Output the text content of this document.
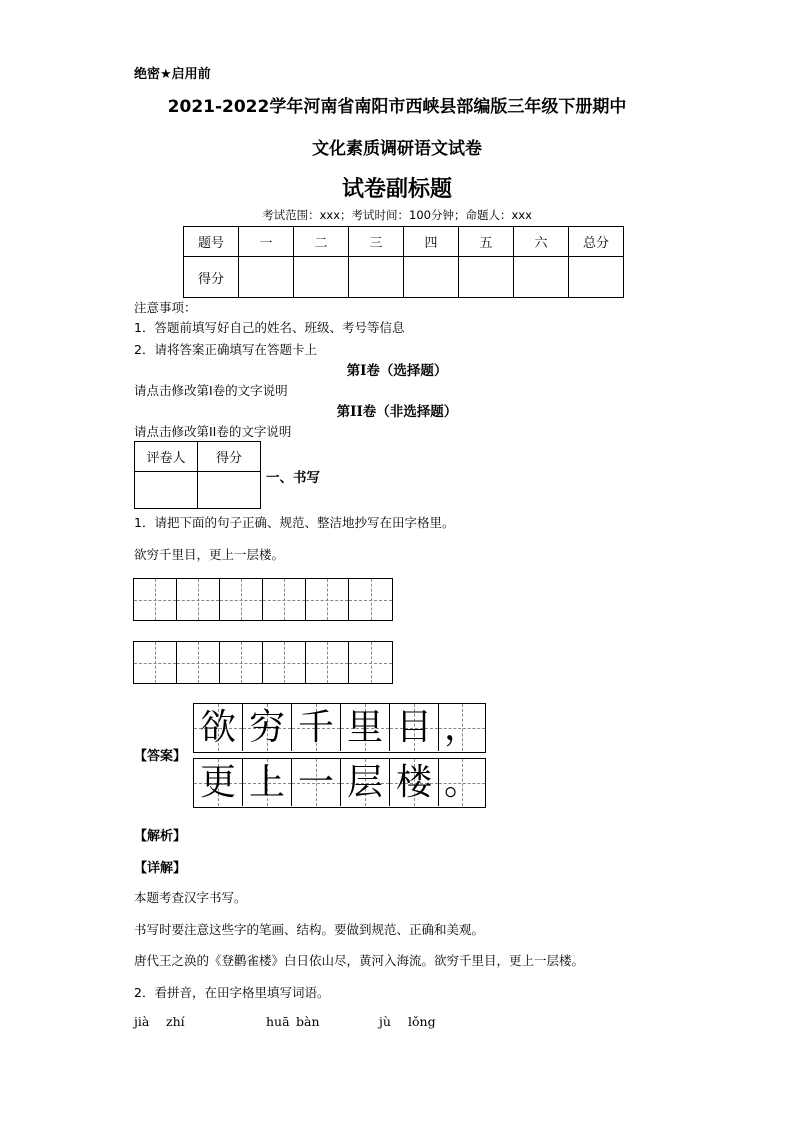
绝密★启用前
2021-2022学年河南省南阳市西峡县部编版三年级下册期中
文化素质调研语文试卷
试卷副标题
考试范围：xxx；考试时间：100分钟；命题人：xxx
题号	一	二	三	四	五	六	总分
得分							
注意事项：
1．答题前填写好自己的姓名、班级、考号等信息
2．请将答案正确填写在答题卡上
第I卷（选择题）
请点击修改第I卷的文字说明
第II卷（非选择题）
请点击修改第II卷的文字说明
评卷人	得分

一、书写
1．请把下面的句子正确、规范、整洁地抄写在田字格里。
欲穷千里目，更上一层楼。
【答案】
欲 穷 千 里 目 ，
更 上 一 层 楼 。
【解析】
【详解】
本题考查汉字书写。
书写时要注意这些字的笔画、结构。要做到规范、正确和美观。
唐代王之涣的《登鹳雀楼》白日依山尽，黄河入海流。欲穷千里目，更上一层楼。
2．看拼音，在田字格里填写词语。
jià zhí	huā bàn	jù lǒng
